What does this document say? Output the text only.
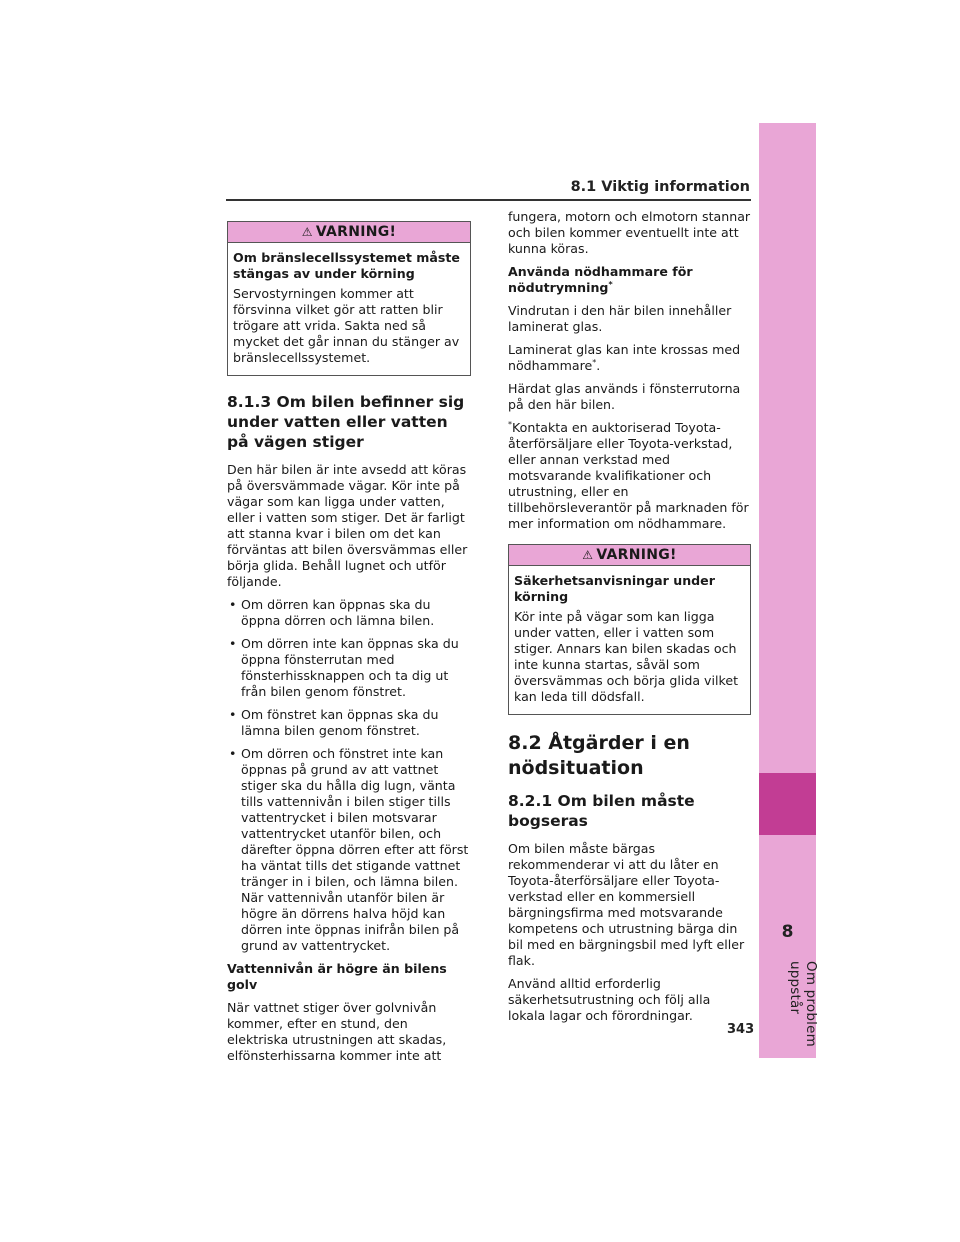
8.1 Viktig information
8
Om problem uppstår
⚠ VARNING!

Om bränslecellssystemet måste stängas av under körning

Servostyrningen kommer att försvinna vilket gör att ratten blir trögare att vrida. Sakta ned så mycket det går innan du stänger av bränslecellssystemet.

8.1.3 Om bilen befinner sig under vatten eller vatten på vägen stiger

Den här bilen är inte avsedd att köras på översvämmade vägar. Kör inte på vägar som kan ligga under vatten, eller i vatten som stiger. Det är farligt att stanna kvar i bilen om det kan förväntas att bilen översvämmas eller börja glida. Behåll lugnet och utför följande.

• Om dörren kan öppnas ska du öppna dörren och lämna bilen.
• Om dörren inte kan öppnas ska du öppna fönsterrutan med fönsterhissknappen och ta dig ut från bilen genom fönstret.
• Om fönstret kan öppnas ska du lämna bilen genom fönstret.
• Om dörren och fönstret inte kan öppnas på grund av att vattnet stiger ska du hålla dig lugn, vänta tills vattennivån i bilen stiger tills vattentrycket i bilen motsvarar vattentrycket utanför bilen, och därefter öppna dörren efter att först ha väntat tills det stigande vattnet tränger in i bilen, och lämna bilen. När vattennivån utanför bilen är högre än dörrens halva höjd kan dörren inte öppnas inifrån bilen på grund av vattentrycket.

Vattennivån är högre än bilens golv

När vattnet stiger över golvnivån kommer, efter en stund, den elektriska utrustningen att skadas, elfönsterhissarna kommer inte att

fungera, motorn och elmotorn stannar och bilen kommer eventuellt inte att kunna köras.

Använda nödhammare för nödutrymning*

Vindrutan i den här bilen innehåller laminerat glas.

Laminerat glas kan inte krossas med nödhammare*.

Härdat glas används i fönsterrutorna på den här bilen.

*Kontakta en auktoriserad Toyota-återförsäljare eller Toyota-verkstad, eller annan verkstad med motsvarande kvalifikationer och utrustning, eller en tillbehörsleverantör på marknaden för mer information om nödhammare.

⚠ VARNING!

Säkerhetsanvisningar under körning

Kör inte på vägar som kan ligga under vatten, eller i vatten som stiger. Annars kan bilen skadas och inte kunna startas, såväl som översvämmas och börja glida vilket kan leda till dödsfall.

8.2 Åtgärder i en nödsituation
8.2.1 Om bilen måste bogseras

Om bilen måste bärgas rekommenderar vi att du låter en Toyota-återförsäljare eller Toyota-verkstad eller en kommersiell bärgningsfirma med motsvarande kompetens och utrustning bärga din bil med en bärgningsbil med lyft eller flak.

Använd alltid erforderlig säkerhetsutrustning och följ alla lokala lagar och förordningar.

343
